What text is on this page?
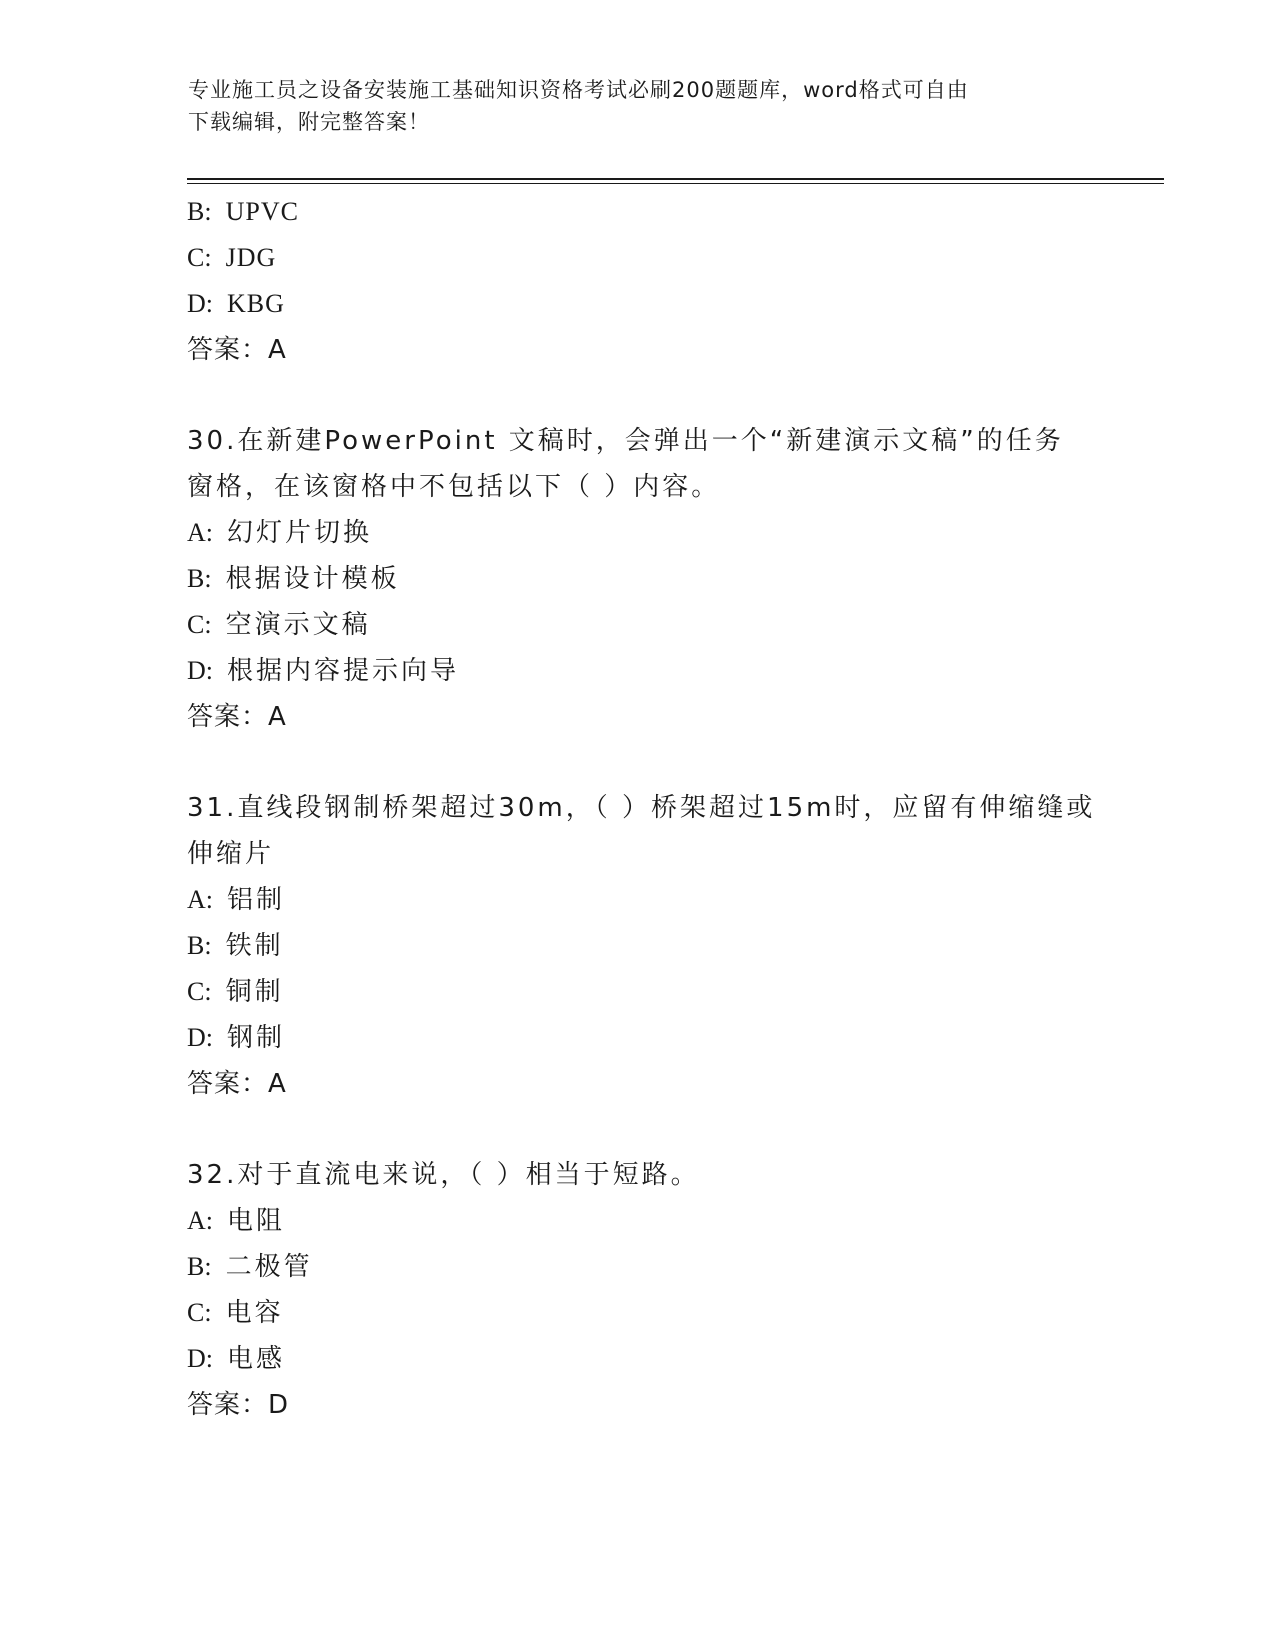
专业施工员之设备安装施工基础知识资格考试必刷200题题库，word格式可自由
下载编辑，附完整答案！
B: UPVC
C: JDG
D: KBG
答案：A
30.在新建PowerPoint 文稿时，会弹出一个“新建演示文稿”的任务
窗格，在该窗格中不包括以下（ ）内容。
A: 幻灯片切换
B: 根据设计模板
C: 空演示文稿
D: 根据内容提示向导
答案：A
31.直线段钢制桥架超过30m，（ ）桥架超过15m时，应留有伸缩缝或
伸缩片
A: 铝制
B: 铁制
C: 铜制
D: 钢制
答案：A
32.对于直流电来说，（ ）相当于短路。
A: 电阻
B: 二极管
C: 电容
D: 电感
答案：D
